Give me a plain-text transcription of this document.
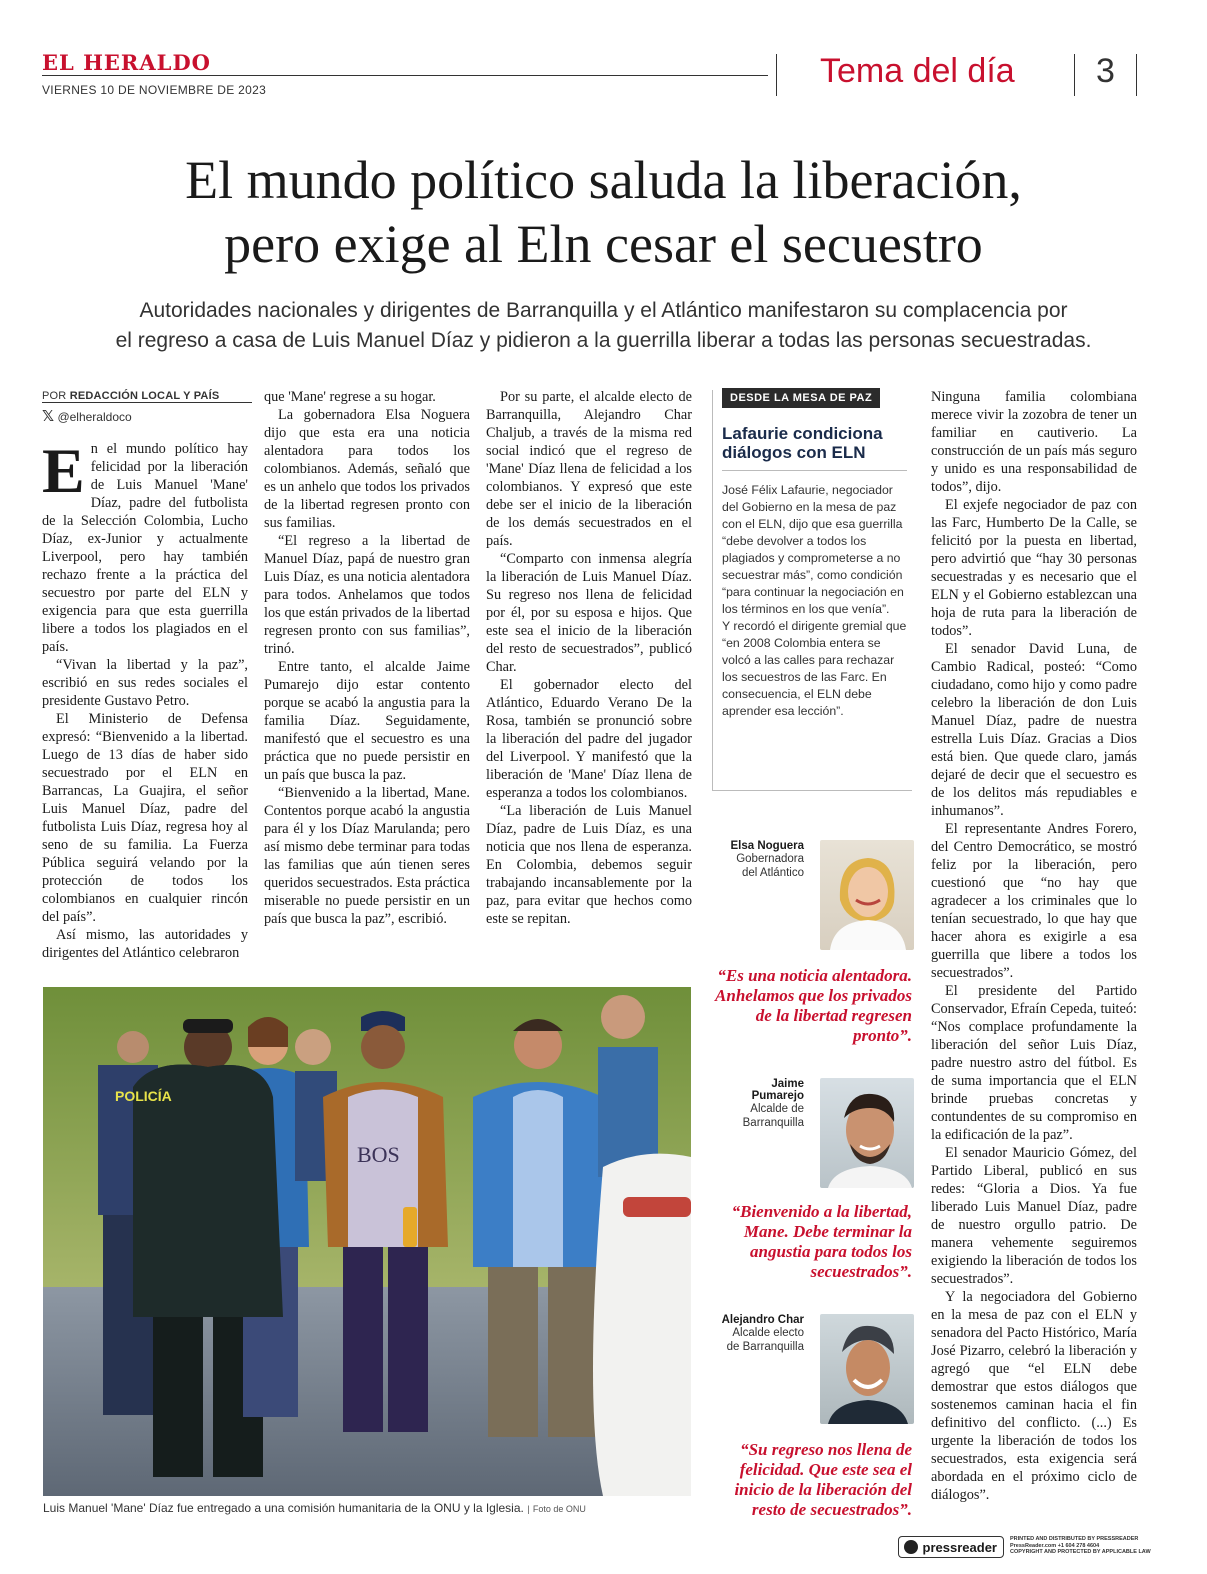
EL HERALDO
VIERNES 10 DE NOVIEMBRE DE 2023	Tema del día 3
El mundo político saluda la liberación,
pero exige al Eln cesar el secuestro
Autoridades nacionales y dirigentes de Barranquilla y el Atlántico manifestaron su complacencia por
el regreso a casa de Luis Manuel Díaz y pidieron a la guerrilla liberar a todas las personas secuestradas.
POR REDACCIÓN LOCAL Y PAÍS
𝕏 @elheraldoco

En el mundo político hay felicidad por la liberación de Luis Manuel 'Mane' Díaz, padre del futbolista de la Selección Colombia, Lucho Díaz, ex-Junior y actualmente Liverpool, pero hay también rechazo frente a la práctica del secuestro por parte del ELN y exigencia para que esta guerrilla libere a todos los plagiados en el país.

“Vivan la libertad y la paz”, escribió en sus redes sociales el presidente Gustavo Petro.

El Ministerio de Defensa expresó: “Bienvenido a la libertad. Luego de 13 días de haber sido secuestrado por el ELN en Barrancas, La Guajira, el señor Luis Manuel Díaz, padre del futbolista Luis Díaz, regresa hoy al seno de su familia. La Fuerza Pública seguirá velando por la protección de todos los colombianos en cualquier rincón del país”.

Así mismo, las autoridades y dirigentes del Atlántico celebraron

que 'Mane' regrese a su hogar.

La gobernadora Elsa Noguera dijo que esta era una noticia alentadora para todos los colombianos. Además, señaló que es un anhelo que todos los privados de la libertad regresen pronto con sus familias.

“El regreso a la libertad de Manuel Díaz, papá de nuestro gran Luis Díaz, es una noticia alentadora para todos. Anhelamos que todos los que están privados de la libertad regresen pronto con sus familias”, trinó.

Entre tanto, el alcalde Jaime Pumarejo dijo estar contento porque se acabó la angustia para la familia Díaz. Seguidamente, manifestó que el secuestro es una práctica que no puede persistir en un país que busca la paz.

“Bienvenido a la libertad, Mane. Contentos porque acabó la angustia para él y los Díaz Marulanda; pero así mismo debe terminar para todas las familias que aún tienen seres queridos secuestrados. Esta práctica miserable no puede persistir en un país que busca la paz”, escribió.

Por su parte, el alcalde electo de Barranquilla, Alejandro Char Chaljub, a través de la misma red social indicó que el regreso de 'Mane' Díaz llena de felicidad a los colombianos. Y expresó que este debe ser el inicio de la liberación de los demás secuestrados en el país.

“Comparto con inmensa alegría la liberación de Luis Manuel Díaz. Su regreso nos llena de felicidad por él, por su esposa e hijos. Que este sea el inicio de la liberación del resto de secuestrados”, publicó Char.

El gobernador electo del Atlántico, Eduardo Verano De la Rosa, también se pronunció sobre la liberación del padre del jugador del Liverpool. Y manifestó que la liberación de 'Mane' Díaz llena de esperanza a todos los colombianos.

“La liberación de Luis Manuel Díaz, padre de Luis Díaz, es una noticia que nos llena de esperanza. En Colombia, debemos seguir trabajando incansablemente por la paz, para evitar que hechos como este se repitan.

DESDE LA MESA DE PAZ
Lafaurie condiciona diálogos con ELN
José Félix Lafaurie, negociador del Gobierno en la mesa de paz con el ELN, dijo que esa guerrilla “debe devolver a todos los plagiados y comprometerse a no secuestrar más”, como condición “para continuar la negociación en los términos en los que venía”.
Y recordó el dirigente gremial que “en 2008 Colombia entera se volcó a las calles para rechazar los secuestros de las Farc. En consecuencia, el ELN debe aprender esa lección”.
Elsa Noguera
Gobernadora
del Atlántico
“Es una noticia alentadora. Anhelamos que los privados de la libertad regresen pronto”.
Jaime
Pumarejo
Alcalde de
Barranquilla
“Bienvenido a la libertad, Mane. Debe terminar la angustia para todos los secuestrados”.
Alejandro Char
Alcalde electo
de Barranquilla
“Su regreso nos llena de felicidad. Que este sea el inicio de la liberación del resto de secuestrados”.

Ninguna familia colombiana merece vivir la zozobra de tener un familiar en cautiverio. La construcción de un país más seguro y unido es una responsabilidad de todos”, dijo.

El exjefe negociador de paz con las Farc, Humberto De la Calle, se felicitó por la puesta en libertad, pero advirtió que “hay 30 personas secuestradas y es necesario que el ELN y el Gobierno establezcan una hoja de ruta para la liberación de todos”.

El senador David Luna, de Cambio Radical, posteó: “Como ciudadano, como hijo y como padre celebro la liberación de don Luis Manuel Díaz, padre de nuestra estrella Luis Díaz. Gracias a Dios está bien. Que quede claro, jamás dejaré de decir que el secuestro es de los delitos más repudiables e inhumanos”.

El representante Andres Forero, del Centro Democrático, se mostró feliz por la liberación, pero cuestionó que “no hay que agradecer a los criminales que lo tenían secuestrado, lo que hay que hacer ahora es exigirle a esa guerrilla que libere a todos los secuestrados”.

El presidente del Partido Conservador, Efraín Cepeda, tuiteó: “Nos complace profundamente la liberación del señor Luis Díaz, padre nuestro astro del fútbol. Es de suma importancia que el ELN brinde pruebas concretas y contundentes de su compromiso en la edificación de la paz”.

El senador Mauricio Gómez, del Partido Liberal, publicó en sus redes: “Gloria a Dios. Ya fue liberado Luis Manuel Díaz, padre de nuestro orgullo patrio. De manera vehemente seguiremos exigiendo la liberación de todos los secuestrados”.

Y la negociadora del Gobierno en la mesa de paz con el ELN y senadora del Pacto Histórico, María José Pizarro, celebró la liberación y agregó que “el ELN debe demostrar que estos diálogos que sostenemos caminan hacia el fin definitivo del conflicto. (...) Es urgente la liberación de todos los secuestrados, esta exigencia será abordada en el próximo ciclo de diálogos”.

BOS
POLICÍA
Luis Manuel 'Mane' Díaz fue entregado a una comisión humanitaria de la ONU y la Iglesia. | Foto de ONU
pressreader
PRINTED AND DISTRIBUTED BY PRESSREADER
PressReader.com +1 604 278 4604
COPYRIGHT AND PROTECTED BY APPLICABLE LAW
